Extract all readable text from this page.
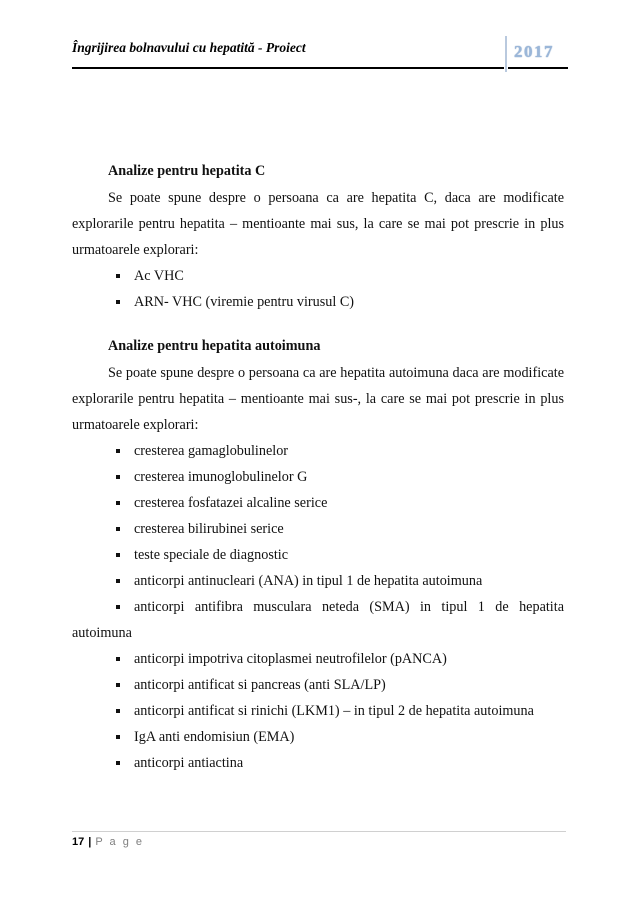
Îngrijirea bolnavului cu hepatită - Proiect	2017
Analize pentru hepatita C
Se poate spune despre o persoana ca are hepatita C, daca are modificate explorarile pentru hepatita – mentioante mai sus, la care se mai pot prescrie in plus urmatoarele explorari:
Ac VHC
ARN- VHC (viremie pentru virusul C)
Analize pentru hepatita autoimuna
Se poate spune despre o persoana ca are hepatita autoimuna daca are modificate explorarile pentru hepatita – mentioante mai sus-, la care se mai pot prescrie in plus urmatoarele explorari:
cresterea gamaglobulinelor
cresterea imunoglobulinelor G
cresterea fosfatazei alcaline serice
cresterea bilirubinei serice
teste speciale de diagnostic
anticorpi antinucleari (ANA) in tipul 1 de hepatita autoimuna
anticorpi antifibra musculara neteda (SMA) in tipul 1 de hepatita autoimuna
anticorpi impotriva citoplasmei neutrofilelor (pANCA)
anticorpi antificat si pancreas (anti SLA/LP)
anticorpi antificat si rinichi (LKM1) – in tipul 2 de hepatita autoimuna
IgA anti endomisiun (EMA)
anticorpi antiactina
17 | P a g e
